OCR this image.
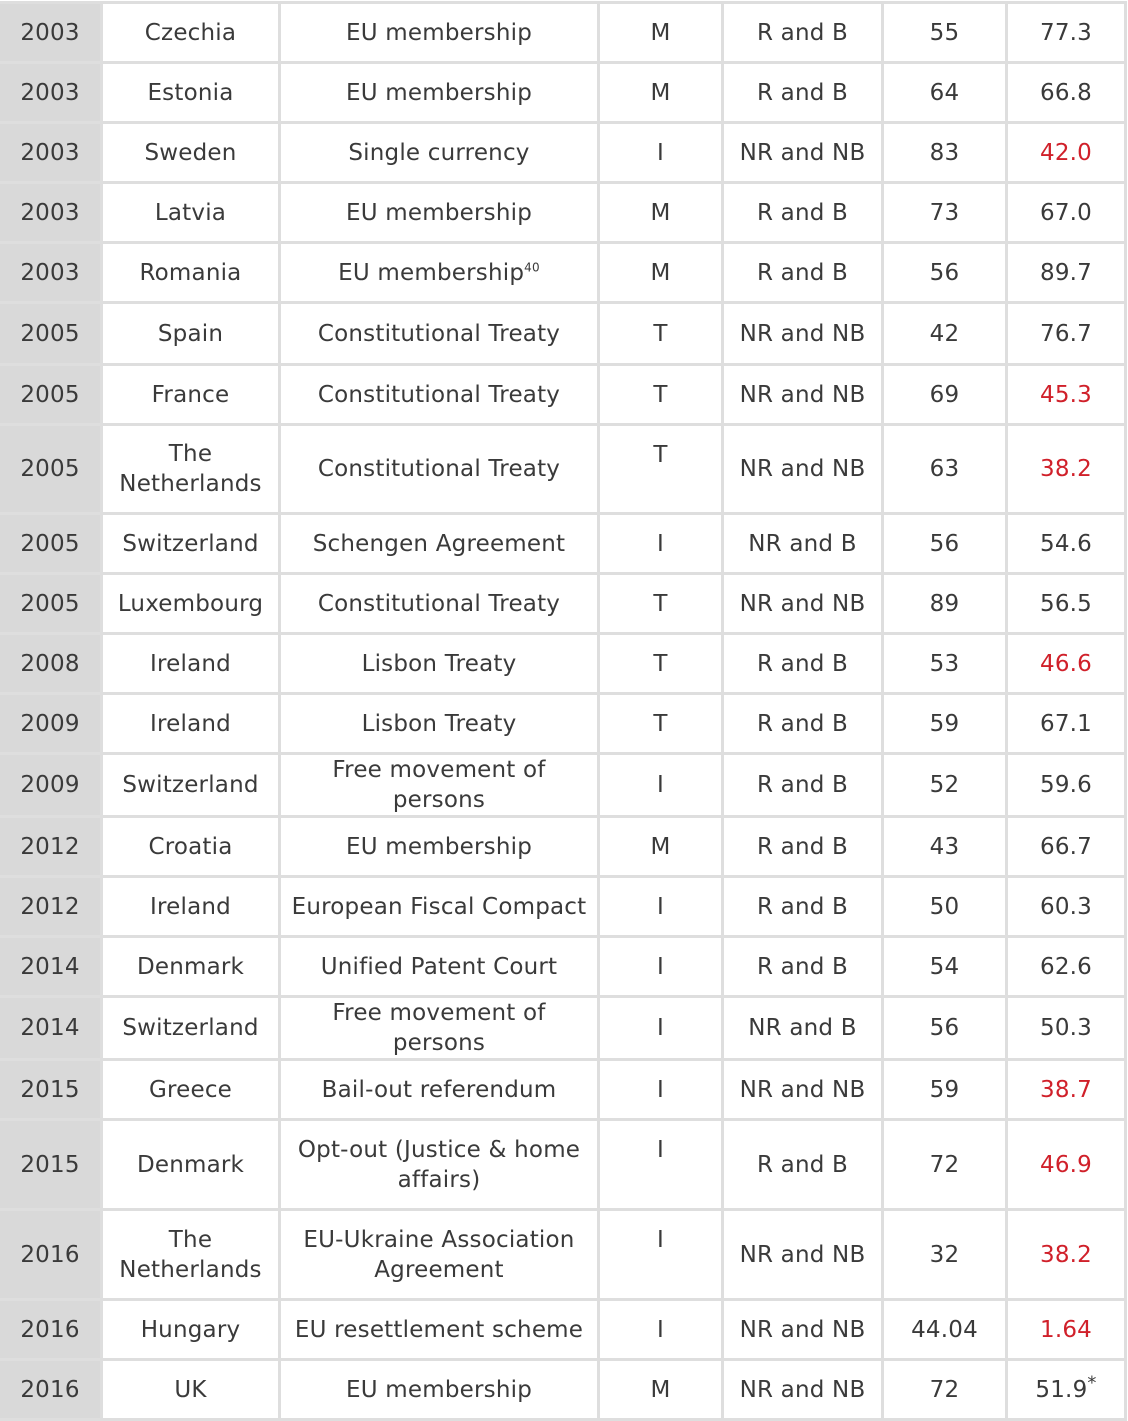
2003	Czechia	EU membership	M	R and B	55	77.3
2003	Estonia	EU membership	M	R and B	64	66.8
2003	Sweden	Single currency	I	NR and NB	83	42.0
2003	Latvia	EU membership	M	R and B	73	67.0
2003	Romania	EU membership$^{40}$	M	R and B	56	89.7
2005	Spain	Constitutional Treaty	T	NR and NB	42	76.7
2005	France	Constitutional Treaty	T	NR and NB	69	45.3
2005	The Netherlands	Constitutional Treaty	T	NR and NB	63	38.2
2005	Switzerland	Schengen Agreement	I	NR and B	56	54.6
2005	Luxembourg	Constitutional Treaty	T	NR and NB	89	56.5
2008	Ireland	Lisbon Treaty	T	R and B	53	46.6
2009	Ireland	Lisbon Treaty	T	R and B	59	67.1
2009	Switzerland	Free movement of persons	I	R and B	52	59.6
2012	Croatia	EU membership	M	R and B	43	66.7
2012	Ireland	European Fiscal Compact	I	R and B	50	60.3
2014	Denmark	Unified Patent Court	I	R and B	54	62.6
2014	Switzerland	Free movement of persons	I	NR and B	56	50.3
2015	Greece	Bail-out referendum	I	NR and NB	59	38.7
2015	Denmark	Opt-out (Justice & home affairs)	I	R and B	72	46.9
2016	The Netherlands	EU-Ukraine Association Agreement	I	NR and NB	32	38.2
2016	Hungary	EU resettlement scheme	I	NR and NB	44.04	1.64
2016	UK	EU membership	M	NR and NB	72	51.9*
